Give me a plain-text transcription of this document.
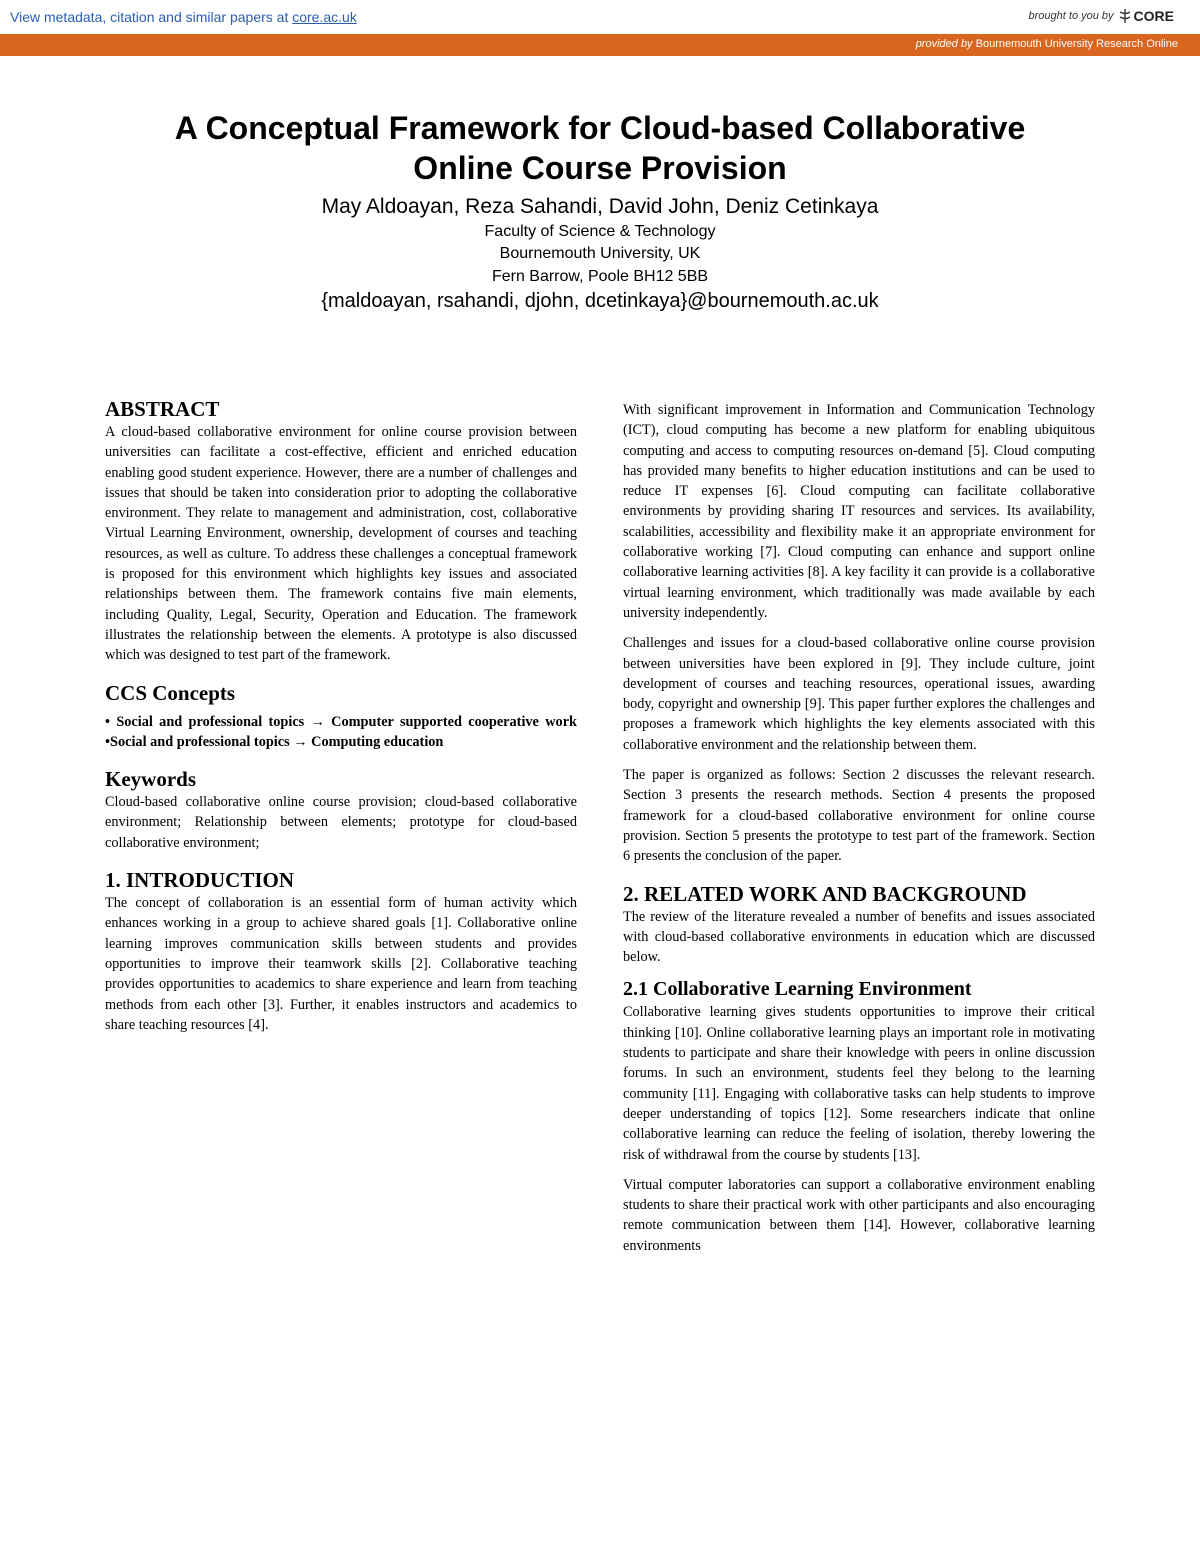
View metadata, citation and similar papers at core.ac.uk	brought to you by CORE
provided by Bournemouth University Research Online
A Conceptual Framework for Cloud-based Collaborative
Online Course Provision
May Aldoayan, Reza Sahandi, David John, Deniz Cetinkaya
Faculty of Science & Technology
Bournemouth University, UK
Fern Barrow, Poole BH12 5BB
{maldoayan, rsahandi, djohn, dcetinkaya}@bournemouth.ac.uk
ABSTRACT

A cloud-based collaborative environment for online course provision between universities can facilitate a cost-effective, efficient and enriched education enabling good student experience. However, there are a number of challenges and issues that should be taken into consideration prior to adopting the collaborative environment. They relate to management and administration, cost, collaborative Virtual Learning Environment, ownership, development of courses and teaching resources, as well as culture. To address these challenges a conceptual framework is proposed for this environment which highlights key issues and associated relationships between them. The framework contains five main elements, including Quality, Legal, Security, Operation and Education. The framework illustrates the relationship between the elements. A prototype is also discussed which was designed to test part of the framework.

CCS Concepts

• Social and professional topics → Computer supported cooperative work •Social and professional topics → Computing education

Keywords

Cloud-based collaborative online course provision; cloud-based collaborative environment; Relationship between elements; prototype for cloud-based collaborative environment;

1. INTRODUCTION

The concept of collaboration is an essential form of human activity which enhances working in a group to achieve shared goals [1]. Collaborative online learning improves communication skills between students and provides opportunities to improve their teamwork skills [2]. Collaborative teaching provides opportunities to academics to share experience and learn from teaching methods from each other [3]. Further, it enables instructors and academics to share teaching resources [4].

With significant improvement in Information and Communication Technology (ICT), cloud computing has become a new platform for enabling ubiquitous computing and access to computing resources on-demand [5]. Cloud computing has provided many benefits to higher education institutions and can be used to reduce IT expenses [6]. Cloud computing can facilitate collaborative environments by providing sharing IT resources and services. Its availability, scalabilities, accessibility and flexibility make it an appropriate environment for collaborative working [7]. Cloud computing can enhance and support online collaborative learning activities [8]. A key facility it can provide is a collaborative virtual learning environment, which traditionally was made available by each university independently.

Challenges and issues for a cloud-based collaborative online course provision between universities have been explored in [9]. They include culture, joint development of courses and teaching resources, operational issues, awarding body, copyright and ownership [9]. This paper further explores the challenges and proposes a framework which highlights the key elements associated with this collaborative environment and the relationship between them.

The paper is organized as follows: Section 2 discusses the relevant research. Section 3 presents the research methods. Section 4 presents the proposed framework for a cloud-based collaborative environment for online course provision. Section 5 presents the prototype to test part of the framework. Section 6 presents the conclusion of the paper.

2. RELATED WORK AND BACKGROUND

The review of the literature revealed a number of benefits and issues associated with cloud-based collaborative environments in education which are discussed below.

2.1 Collaborative Learning Environment

Collaborative learning gives students opportunities to improve their critical thinking [10]. Online collaborative learning plays an important role in motivating students to participate and share their knowledge with peers in online discussion forums. In such an environment, students feel they belong to the learning community [11]. Engaging with collaborative tasks can help students to improve deeper understanding of topics [12]. Some researchers indicate that online collaborative learning can reduce the feeling of isolation, thereby lowering the risk of withdrawal from the course by students [13].

Virtual computer laboratories can support a collaborative environment enabling students to share their practical work with other participants and also encouraging remote communication between them [14]. However, collaborative learning environments
